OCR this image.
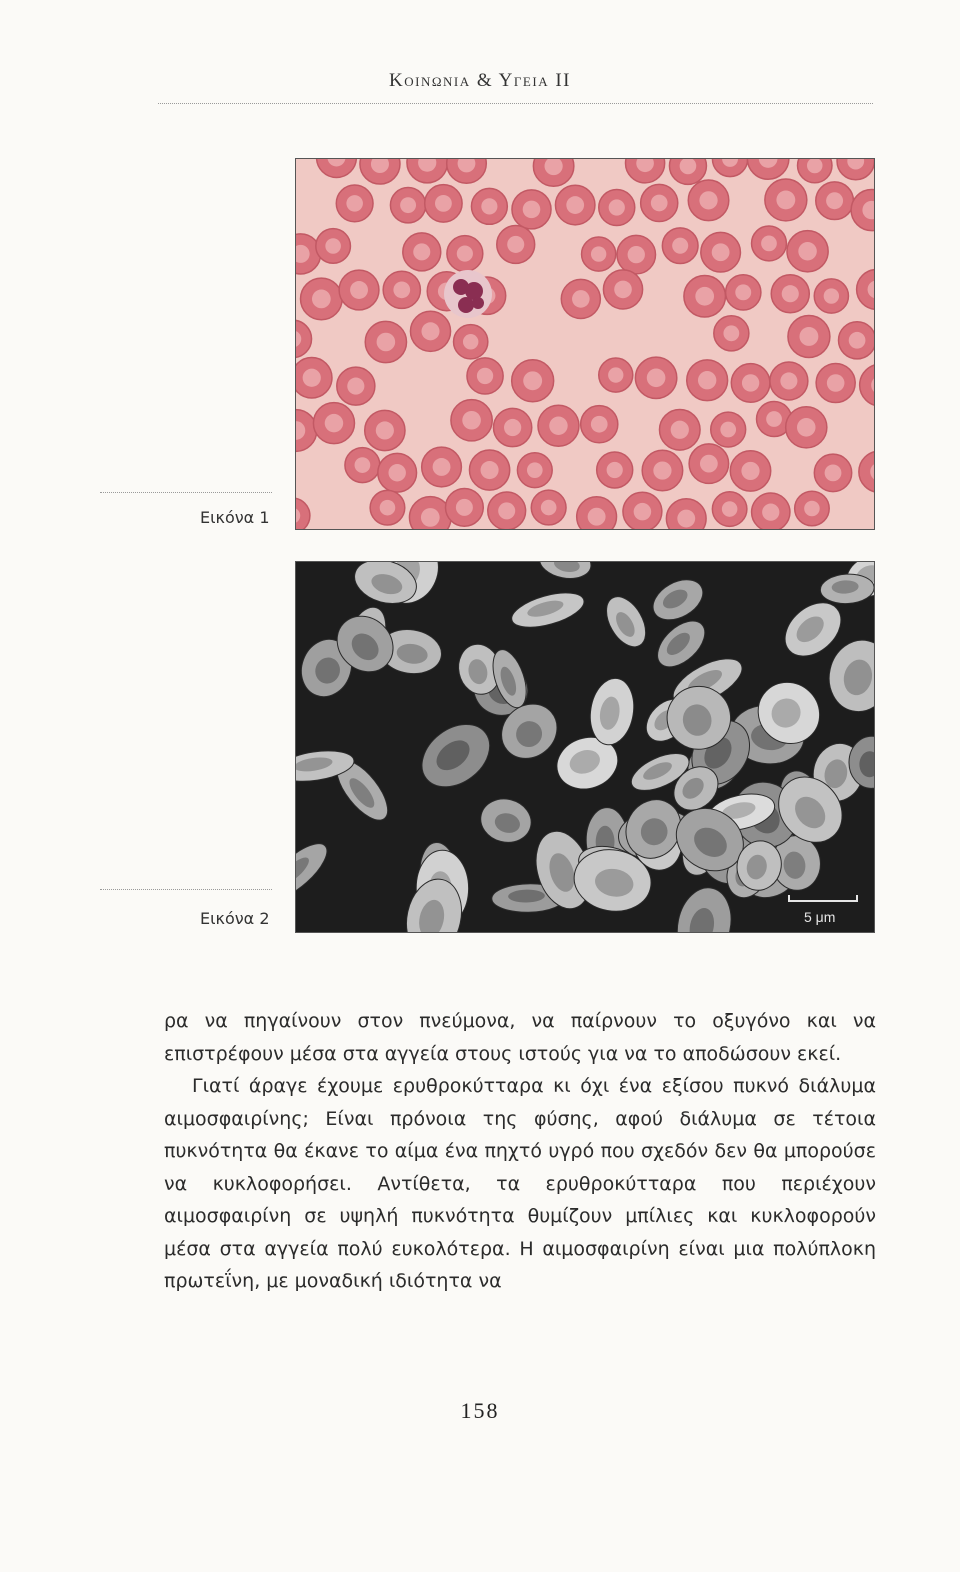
Κοινωνια & Υγεια II
Εικόνα 1
Εικόνα 2	5 μm

ρα να πηγαίνουν στον πνεύμονα, να παίρνουν το οξυγόνο και να επιστρέφουν μέσα στα αγγεία στους ιστούς για να το αποδώσουν εκεί.

Γιατί άραγε έχουμε ερυθροκύτταρα κι όχι ένα εξίσου πυκνό διάλυμα αιμοσφαιρίνης; Είναι πρόνοια της φύσης, αφού διάλυμα σε τέτοια πυκνότητα θα έκανε το αίμα ένα πηχτό υγρό που σχεδόν δεν θα μπορούσε να κυκλοφορήσει. Αντίθετα, τα ερυθροκύτταρα που περιέχουν αιμοσφαιρίνη σε υψηλή πυκνότητα θυμίζουν μπίλιες και κυκλοφορούν μέσα στα αγγεία πολύ ευκολότερα. Η αιμοσφαιρίνη είναι μια πολύπλοκη πρωτεΐνη, με μοναδική ιδιότητα να

158
